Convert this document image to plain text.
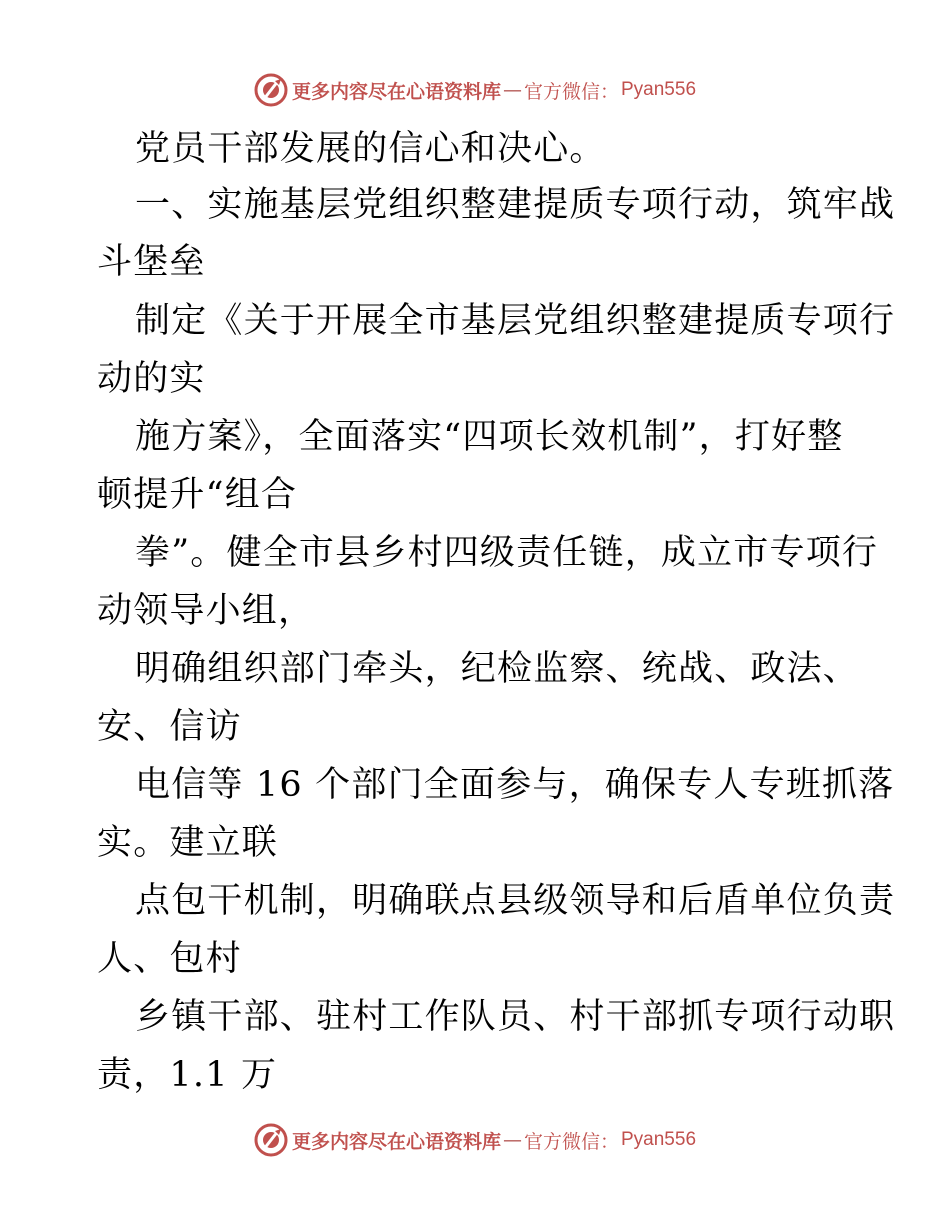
更多内容尽在心语资料库 — 官方微信： Pyan556
党员干部发展的信心和决心。
一、实施基层党组织整建提质专项行动，筑牢战
斗堡垒
制定《关于开展全市基层党组织整建提质专项行
动的实
施方案》，全面落实“四项长效机制”，打好整
顿提升“组合
拳”。健全市县乡村四级责任链，成立市专项行
动领导小组，
明确组织部门牵头，纪检监察、统战、政法、
安、信访
电信等 16 个部门全面参与，确保专人专班抓落
实。建立联
点包干机制，明确联点县级领导和后盾单位负责
人、包村
乡镇干部、驻村工作队员、村干部抓专项行动职
责，1.1 万
更多内容尽在心语资料库 — 官方微信： Pyan556
